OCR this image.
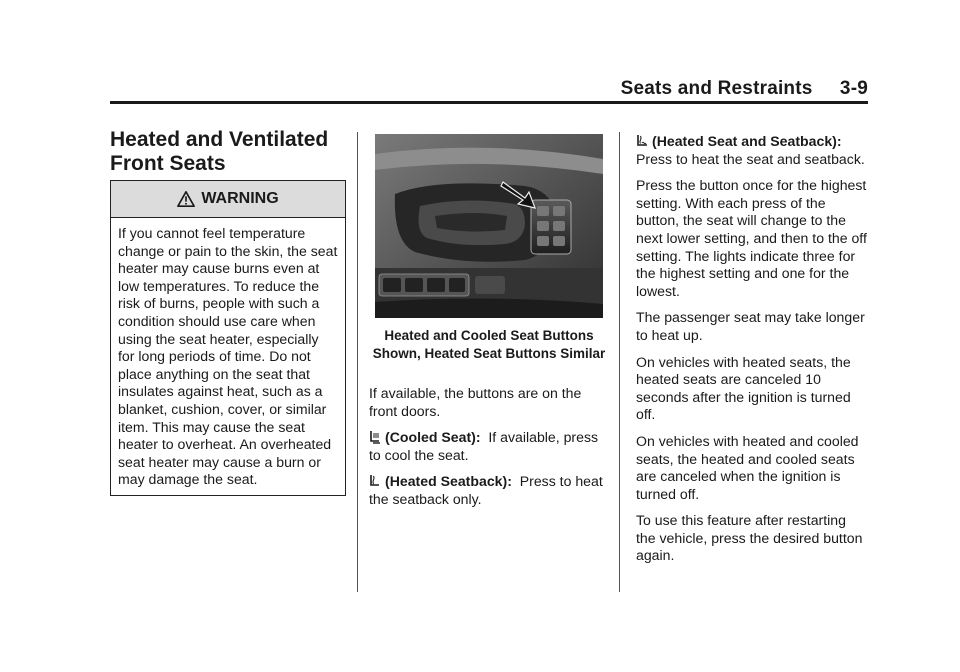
Seats and Restraints     3-9
Heated and Ventilated Front Seats
WARNING
If you cannot feel temperature change or pain to the skin, the seat heater may cause burns even at low temperatures. To reduce the risk of burns, people with such a condition should use care when using the seat heater, especially for long periods of time. Do not place anything on the seat that insulates against heat, such as a blanket, cushion, cover, or similar item. This may cause the seat heater to overheat. An overheated seat heater may cause a burn or may damage the seat.
Heated and Cooled Seat Buttons Shown, Heated Seat Buttons Similar

If available, the buttons are on the front doors.

(Cooled Seat): If available, press to cool the seat.

(Heated Seatback): Press to heat the seatback only.

(Heated Seat and Seatback):
Press to heat the seat and seatback.

Press the button once for the highest setting. With each press of the button, the seat will change to the next lower setting, and then to the off setting. The lights indicate three for the highest setting and one for the lowest.

The passenger seat may take longer to heat up.

On vehicles with heated seats, the heated seats are canceled 10 seconds after the ignition is turned off.

On vehicles with heated and cooled seats, the heated and cooled seats are canceled when the ignition is turned off.

To use this feature after restarting the vehicle, press the desired button again.
